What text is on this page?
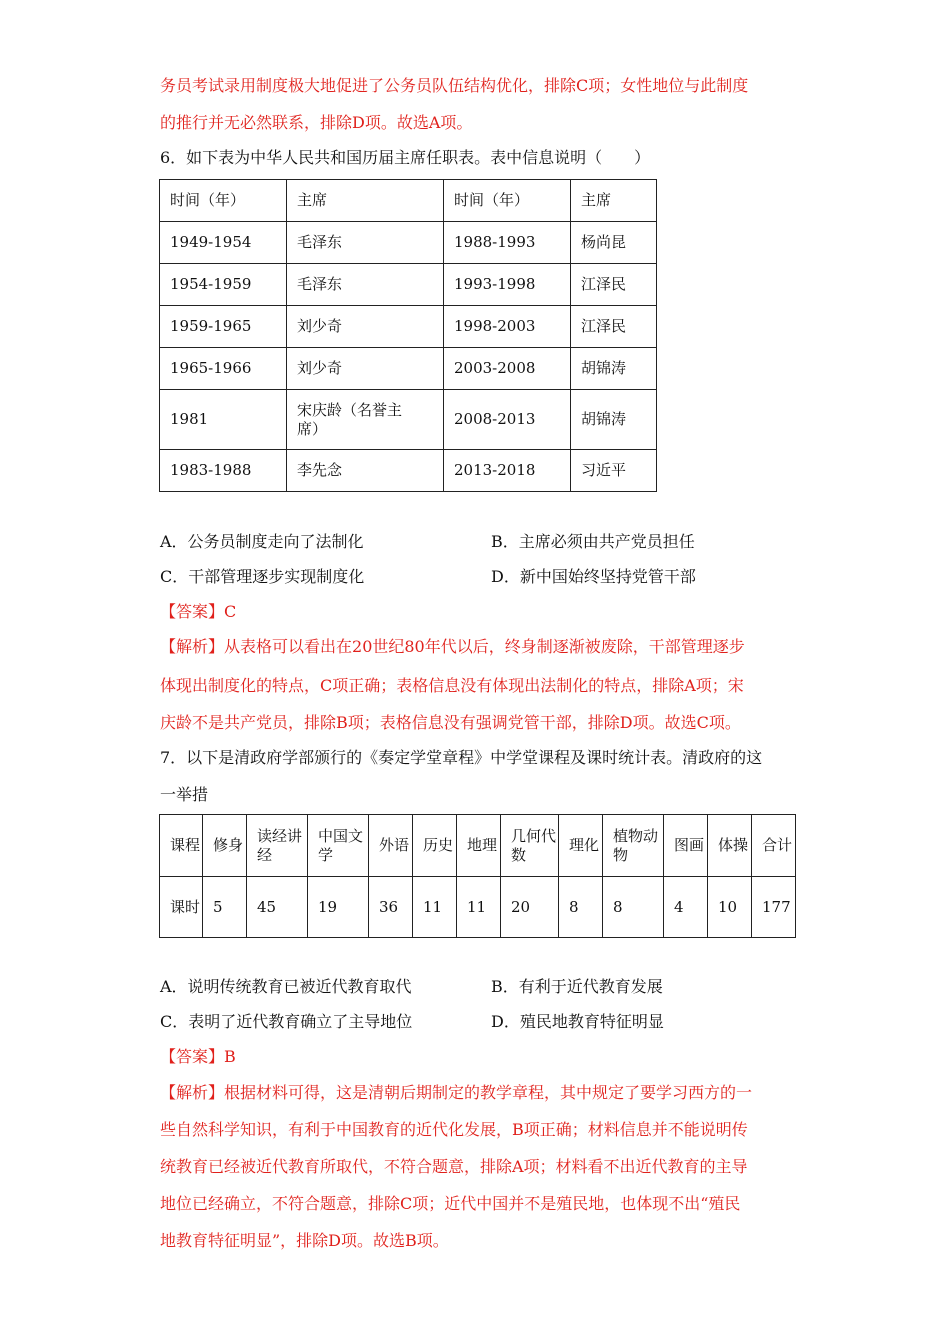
务员考试录用制度极大地促进了公务员队伍结构优化，排除C项；女性地位与此制度
的推行并无必然联系，排除D项。故选A项。
6．如下表为中华人民共和国历届主席任职表。表中信息说明（　　）
时间（年）	主席	时间（年）	主席
1949-1954	毛泽东	1988-1993	杨尚昆
1954-1959	毛泽东	1993-1998	江泽民
1959-1965	刘少奇	1998-2003	江泽民
1965-1966	刘少奇	2003-2008	胡锦涛
1981	宋庆龄（名誉主席）	2008-2013	胡锦涛
1983-1988	李先念	2013-2018	习近平
A．公务员制度走向了法制化	B．主席必须由共产党员担任
C．干部管理逐步实现制度化	D．新中国始终坚持党管干部
【答案】C
【解析】从表格可以看出在20世纪80年代以后，终身制逐渐被废除，干部管理逐步
体现出制度化的特点，C项正确；表格信息没有体现出法制化的特点，排除A项；宋
庆龄不是共产党员，排除B项；表格信息没有强调党管干部，排除D项。故选C项。
7．以下是清政府学部颁行的《奏定学堂章程》中学堂课程及课时统计表。清政府的这
一举措
课程	修身	读经讲经	中国文学	外语	历史	地理	几何代数	理化	植物动物	图画	体操	合计
课时	5	45	19	36	11	11	20	8	8	4	10	177
A．说明传统教育已被近代教育取代	B．有利于近代教育发展
C．表明了近代教育确立了主导地位	D．殖民地教育特征明显
【答案】B
【解析】根据材料可得，这是清朝后期制定的教学章程，其中规定了要学习西方的一
些自然科学知识，有利于中国教育的近代化发展，B项正确；材料信息并不能说明传
统教育已经被近代教育所取代，不符合题意，排除A项；材料看不出近代教育的主导
地位已经确立，不符合题意，排除C项；近代中国并不是殖民地，也体现不出“殖民
地教育特征明显”，排除D项。故选B项。
